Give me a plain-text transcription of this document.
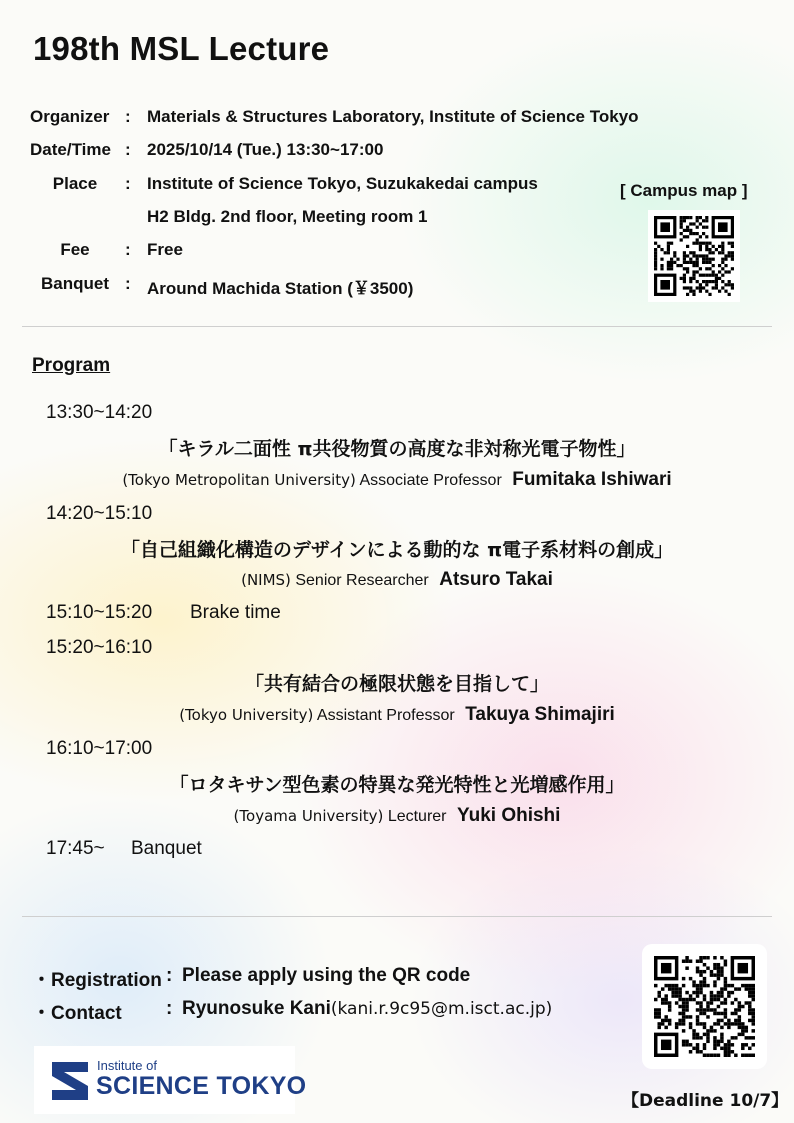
198th MSL Lecture
Organizer : Materials & Structures Laboratory, Institute of Science Tokyo
Date/Time : 2025/10/14 (Tue.) 13:30~17:00
Place	: Institute of Science Tokyo, Suzukakedai campus
H2 Bldg. 2nd floor, Meeting room 1
Fee	: Free
Banquet : Around Machida Station (￥3500)
[ Campus map ]
Program
13:30~14:20
「キラル二面性 π共役物質の高度な非対称光電子物性」
(Tokyo Metropolitan University) Associate Professor Fumitaka Ishiwari
14:20~15:10
「自己組織化構造のデザインによる動的な π電子系材料の創成」
(NIMS) Senior Researcher Atsuro Takai
15:10~15:20 Brake time
15:20~16:10
「共有結合の極限状態を目指して」
(Tokyo University) Assistant Professor Takuya Shimajiri
16:10~17:00
「ロタキサン型色素の特異な発光特性と光増感作用」
(Toyama University) Lecturer Yuki Ohishi
17:45~ Banquet
・Registration : Please apply using the QR code
・Contact : Ryunosuke Kani(kani.r.9c95@m.isct.ac.jp)
Institute of
SCIENCE TOKYO
【Deadline 10/7】
